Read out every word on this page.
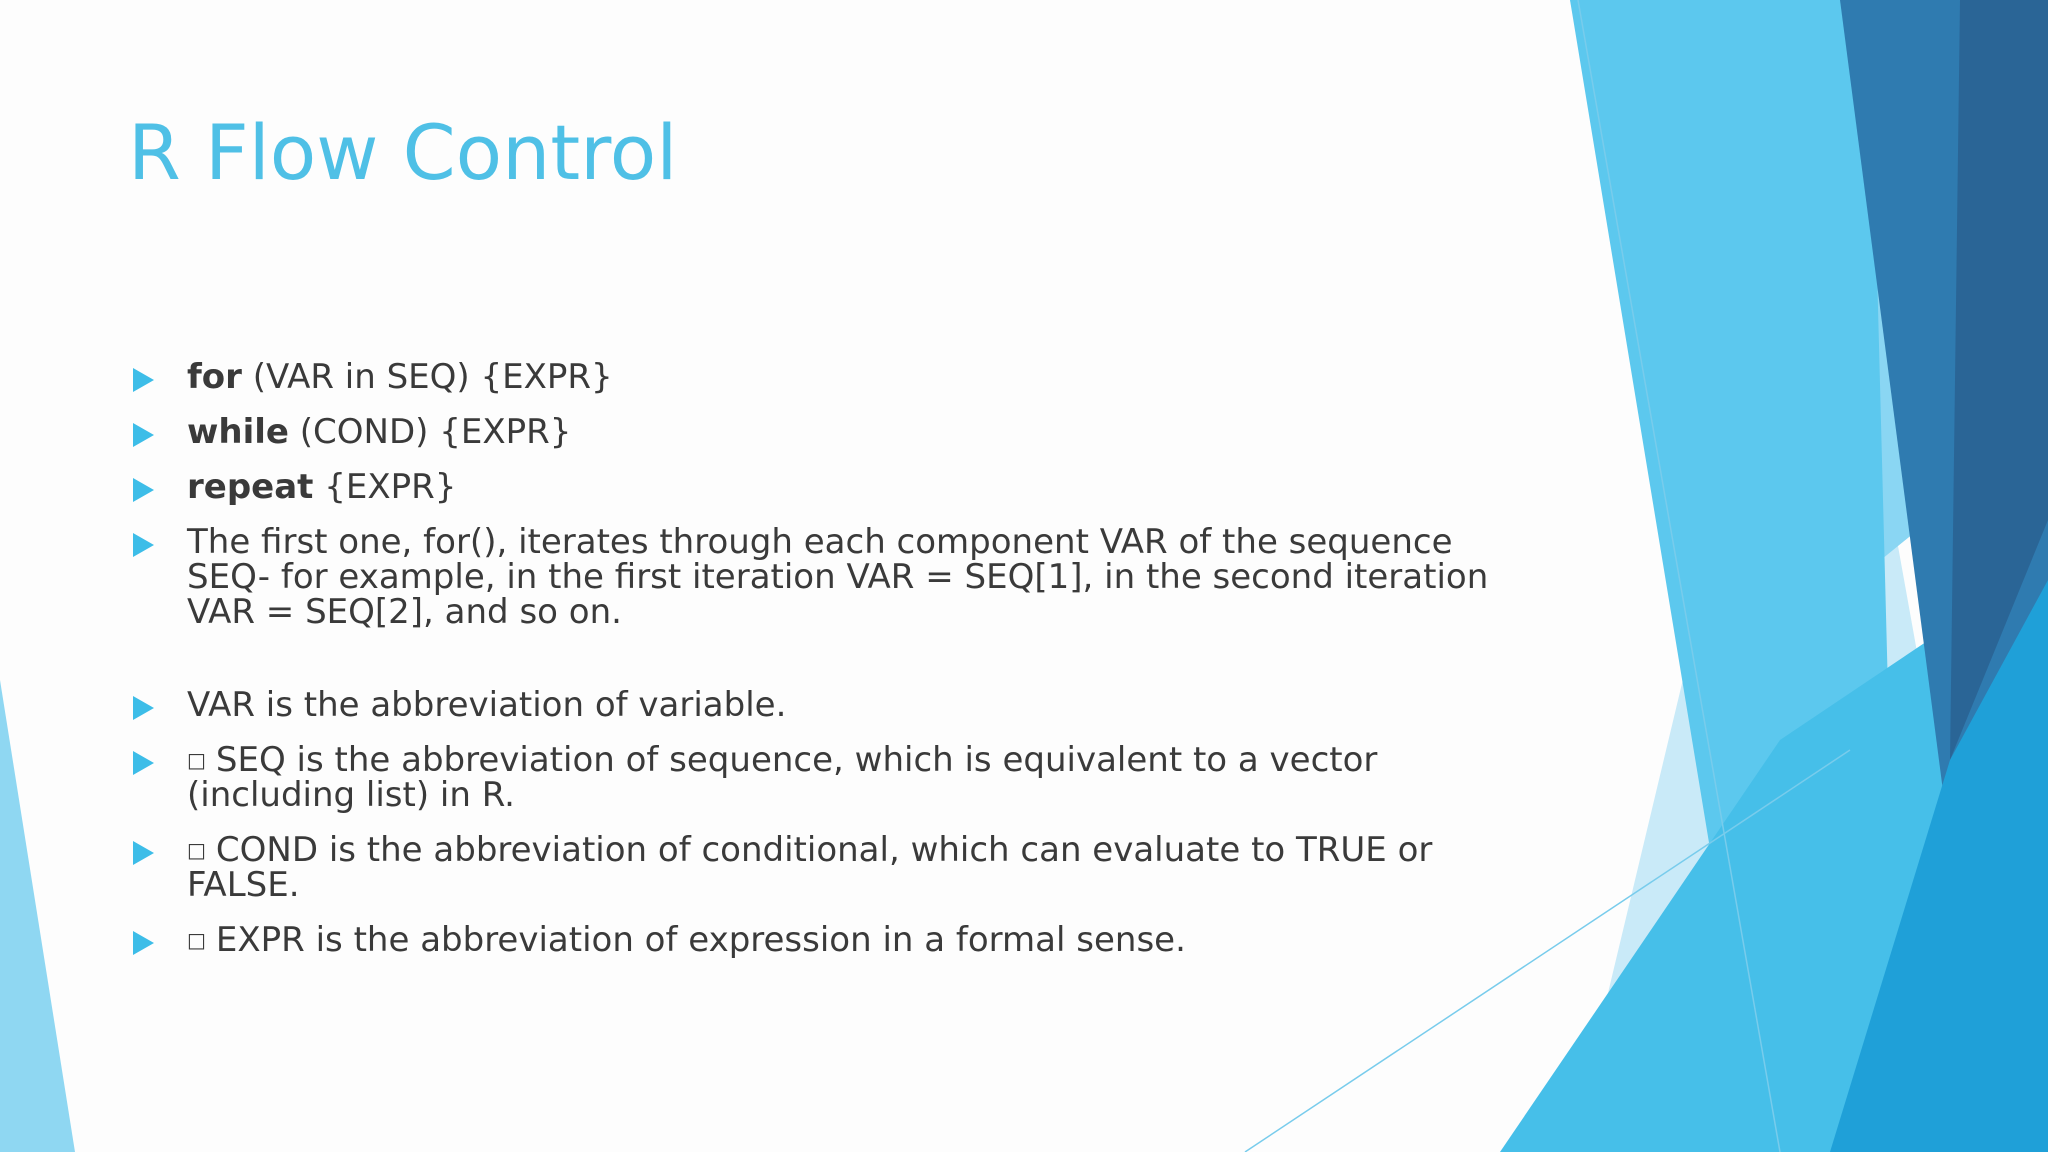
R Flow Control
for (VAR in SEQ) {EXPR}
while (COND) {EXPR}
repeat {EXPR}
The first one, for(), iterates through each component VAR of the sequence SEQ- for example, in the first iteration VAR = SEQ[1], in the second iteration VAR = SEQ[2], and so on.
VAR is the abbreviation of variable.
□ SEQ is the abbreviation of sequence, which is equivalent to a vector (including list) in R.
□ COND is the abbreviation of conditional, which can evaluate to TRUE or FALSE.
□ EXPR is the abbreviation of expression in a formal sense.
